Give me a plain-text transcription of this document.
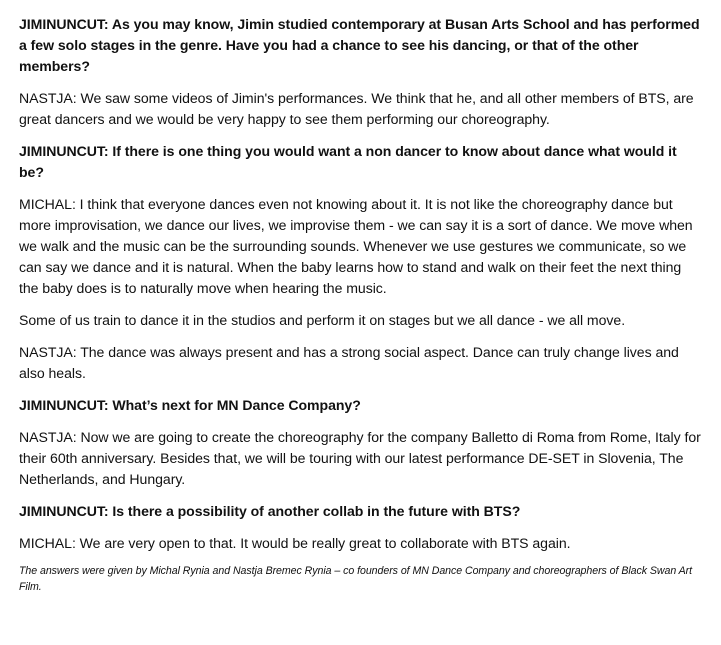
JIMINUNCUT: As you may know, Jimin studied contemporary at Busan Arts School and has performed a few solo stages in the genre. Have you had a chance to see his dancing, or that of the other members?

NASTJA: We saw some videos of Jimin's performances. We think that he, and all other members of BTS, are great dancers and we would be very happy to see them performing our choreography.

JIMINUNCUT: If there is one thing you would want a non dancer to know about dance what would it be?

MICHAL: I think that everyone dances even not knowing about it. It is not like the choreography dance but more improvisation, we dance our lives, we improvise them - we can say it is a sort of dance. We move when we walk and the music can be the surrounding sounds. Whenever we use gestures we communicate, so we can say we dance and it is natural. When the baby learns how to stand and walk on their feet the next thing the baby does is to naturally move when hearing the music.

Some of us train to dance it in the studios and perform it on stages but we all dance - we all move.

NASTJA: The dance was always present and has a strong social aspect. Dance can truly change lives and also heals.

JIMINUNCUT: What’s next for MN Dance Company?

NASTJA: Now we are going to create the choreography for the company Balletto di Roma from Rome, Italy for their 60th anniversary. Besides that, we will be touring with our latest performance DE-SET in Slovenia, The Netherlands, and Hungary.

JIMINUNCUT: Is there a possibility of another collab in the future with BTS?

MICHAL: We are very open to that. It would be really great to collaborate with BTS again.

The answers were given by Michal Rynia and Nastja Bremec Rynia – co founders of MN Dance Company and choreographers of Black Swan Art Film.
